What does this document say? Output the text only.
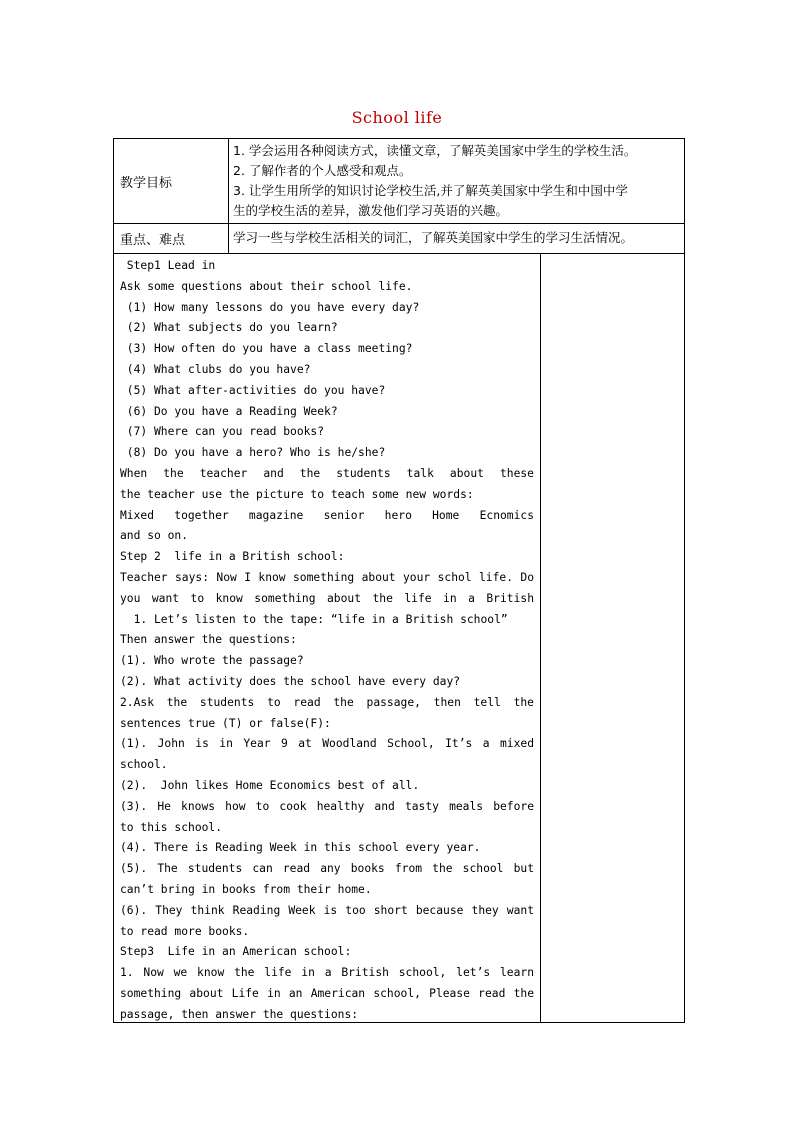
School life
教学目标
1. 学会运用各种阅读方式，读懂文章，了解英美国家中学生的学校生活。
2. 了解作者的个人感受和观点。
3. 让学生用所学的知识讨论学校生活,并了解英美国家中学生和中国中学
生的学校生活的差异，激发他们学习英语的兴趣。
重点、难点	学习一些与学校生活相关的词汇，了解英美国家中学生的学习生活情况。
Step1 Lead in
Ask some questions about their school life.
(1) How many lessons do you have every day?
(2) What subjects do you learn?
(3) How often do you have a class meeting?
(4) What clubs do you have?
(5) What after-activities do you have?
(6) Do you have a Reading Week?
(7) Where can you read books?
(8) Do you have a hero? Who is he/she?
When the teacher and the students talk about these
the teacher use the picture to teach some new words:
Mixed together magazine senior hero Home Ecnomics
and so on.
Step 2  life in a British school:
Teacher says: Now I know something about your schol life. Do
you want to know something about the life in a British
1. Let’s listen to the tape: “life in a British school”
Then answer the questions:
(1). Who wrote the passage?
(2). What activity does the school have every day?
2.Ask the students to read the passage, then tell the
sentences true (T) or false(F):
(1). John is in Year 9 at Woodland School, It’s a mixed
school.
(2).  John likes Home Economics best of all.
(3). He knows how to cook healthy and tasty meals before
to this school.
(4). There is Reading Week in this school every year.
(5). The students can read any books from the school but
can’t bring in books from their home.
(6). They think Reading Week is too short because they want
to read more books.
Step3  Life in an American school:
1. Now we know the life in a British school, let’s learn
something about Life in an American school, Please read the
passage, then answer the questions:
